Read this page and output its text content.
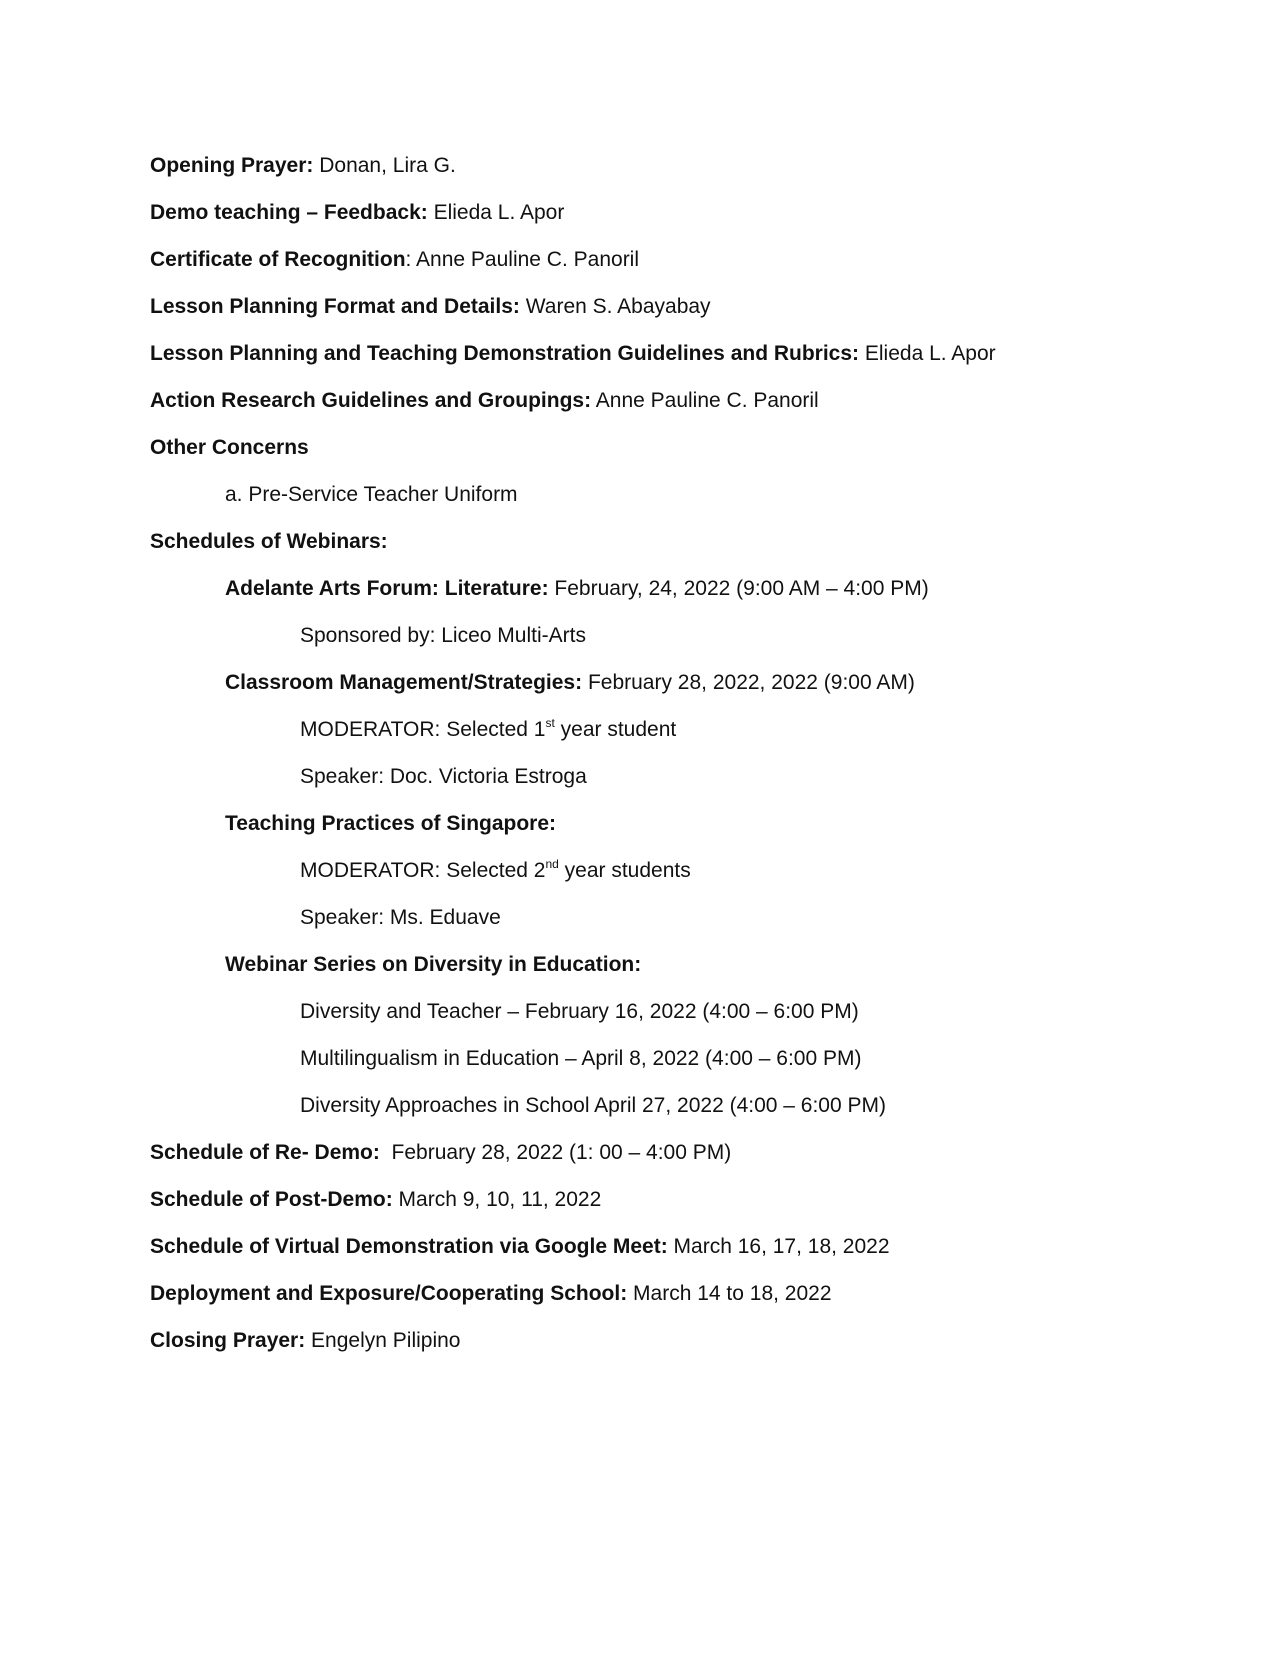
Opening Prayer: Donan, Lira G.
Demo teaching – Feedback: Elieda L. Apor
Certificate of Recognition: Anne Pauline C. Panoril
Lesson Planning Format and Details: Waren S. Abayabay
Lesson Planning and Teaching Demonstration Guidelines and Rubrics: Elieda L. Apor
Action Research Guidelines and Groupings: Anne Pauline C. Panoril
Other Concerns
a. Pre-Service Teacher Uniform
Schedules of Webinars:
Adelante Arts Forum: Literature: February, 24, 2022 (9:00 AM – 4:00 PM)
Sponsored by: Liceo Multi-Arts
Classroom Management/Strategies: February 28, 2022, 2022 (9:00 AM)
MODERATOR: Selected 1st year student
Speaker: Doc. Victoria Estroga
Teaching Practices of Singapore:
MODERATOR: Selected 2nd year students
Speaker: Ms. Eduave
Webinar Series on Diversity in Education:
Diversity and Teacher – February 16, 2022 (4:00 – 6:00 PM)
Multilingualism in Education – April 8, 2022 (4:00 – 6:00 PM)
Diversity Approaches in School April 27, 2022 (4:00 – 6:00 PM)
Schedule of Re- Demo:  February 28, 2022 (1: 00 – 4:00 PM)
Schedule of Post-Demo: March 9, 10, 11, 2022
Schedule of Virtual Demonstration via Google Meet: March 16, 17, 18, 2022
Deployment and Exposure/Cooperating School: March 14 to 18, 2022
Closing Prayer: Engelyn Pilipino
